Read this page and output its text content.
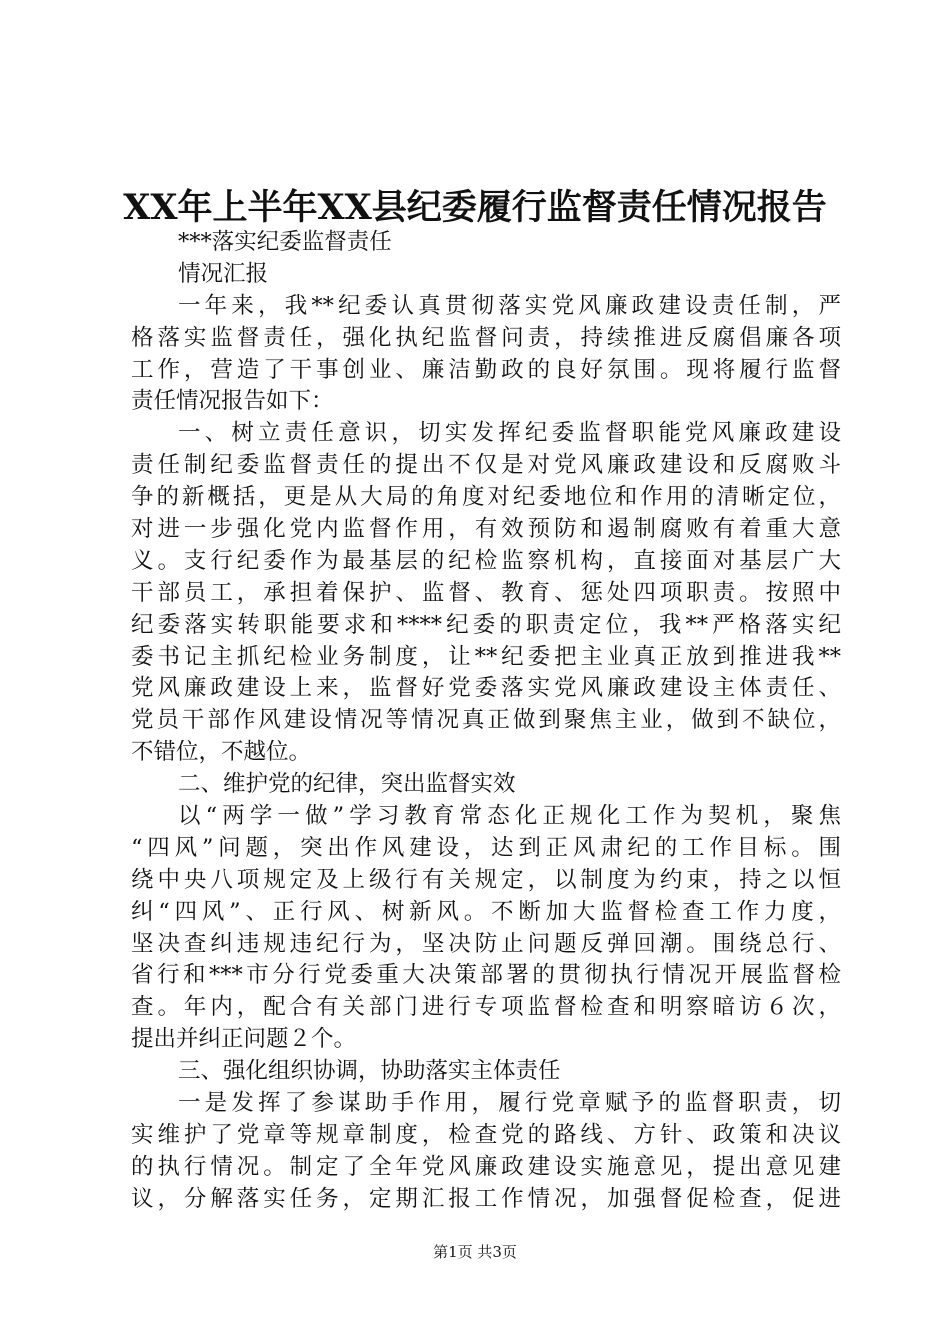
XX年上半年XX县纪委履行监督责任情况报告
***落实纪委监督责任
情况汇报
一年来，我**纪委认真贯彻落实党风廉政建设责任制，严
格落实监督责任，强化执纪监督问责，持续推进反腐倡廉各项
工作，营造了干事创业、廉洁勤政的良好氛围。现将履行监督
责任情况报告如下：
一、树立责任意识，切实发挥纪委监督职能党风廉政建设
责任制纪委监督责任的提出不仅是对党风廉政建设和反腐败斗
争的新概括，更是从大局的角度对纪委地位和作用的清晰定位，
对进一步强化党内监督作用，有效预防和遏制腐败有着重大意
义。支行纪委作为最基层的纪检监察机构，直接面对基层广大
干部员工，承担着保护、监督、教育、惩处四项职责。按照中
纪委落实转职能要求和****纪委的职责定位，我**严格落实纪
委书记主抓纪检业务制度，让**纪委把主业真正放到推进我**
党风廉政建设上来，监督好党委落实党风廉政建设主体责任、
党员干部作风建设情况等情况真正做到聚焦主业，做到不缺位，
不错位，不越位。
二、维护党的纪律，突出监督实效
以“两学一做”学习教育常态化正规化工作为契机，聚焦
“四风”问题，突出作风建设，达到正风肃纪的工作目标。围
绕中央八项规定及上级行有关规定，以制度为约束，持之以恒
纠“四风”、正行风、树新风。不断加大监督检查工作力度，
坚决查纠违规违纪行为，坚决防止问题反弹回潮。围绕总行、
省行和***市分行党委重大决策部署的贯彻执行情况开展监督检
查。年内，配合有关部门进行专项监督检查和明察暗访６次，
提出并纠正问题２个。
三、强化组织协调，协助落实主体责任
一是发挥了参谋助手作用，履行党章赋予的监督职责，切
实维护了党章等规章制度，检查党的路线、方针、政策和决议
的执行情况。制定了全年党风廉政建设实施意见，提出意见建
议，分解落实任务，定期汇报工作情况，加强督促检查，促进
第1页 共3页
